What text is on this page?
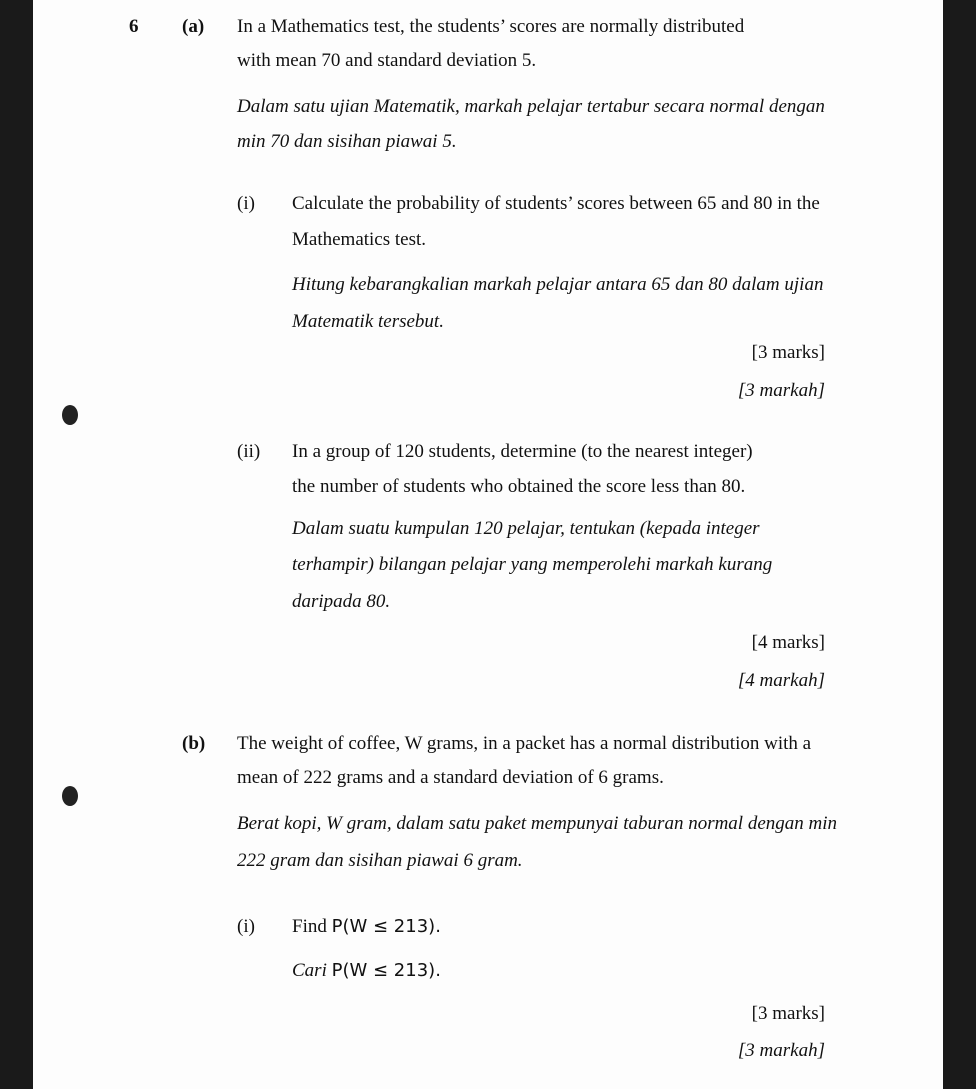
6 (a) In a Mathematics test, the students’ scores are normally distributed
with mean 70 and standard deviation 5.
Dalam satu ujian Matematik, markah pelajar tertabur secara normal dengan
min 70 dan sisihan piawai 5.
(i) Calculate the probability of students’ scores between 65 and 80 in the
Mathematics test.
Hitung kebarangkalian markah pelajar antara 65 dan 80 dalam ujian
Matematik tersebut.
[3 marks]
[3 markah]
(ii) In a group of 120 students, determine (to the nearest integer)
the number of students who obtained the score less than 80.
Dalam suatu kumpulan 120 pelajar, tentukan (kepada integer
terhampir) bilangan pelajar yang memperolehi markah kurang
daripada 80.
[4 marks]
[4 markah]
(b) The weight of coffee, W grams, in a packet has a normal distribution with a
mean of 222 grams and a standard deviation of 6 grams.
Berat kopi, W gram, dalam satu paket mempunyai taburan normal dengan min
222 gram dan sisihan piawai 6 gram.
(i) Find P(W ≤ 213).
Cari P(W ≤ 213).
[3 marks]
[3 markah]
